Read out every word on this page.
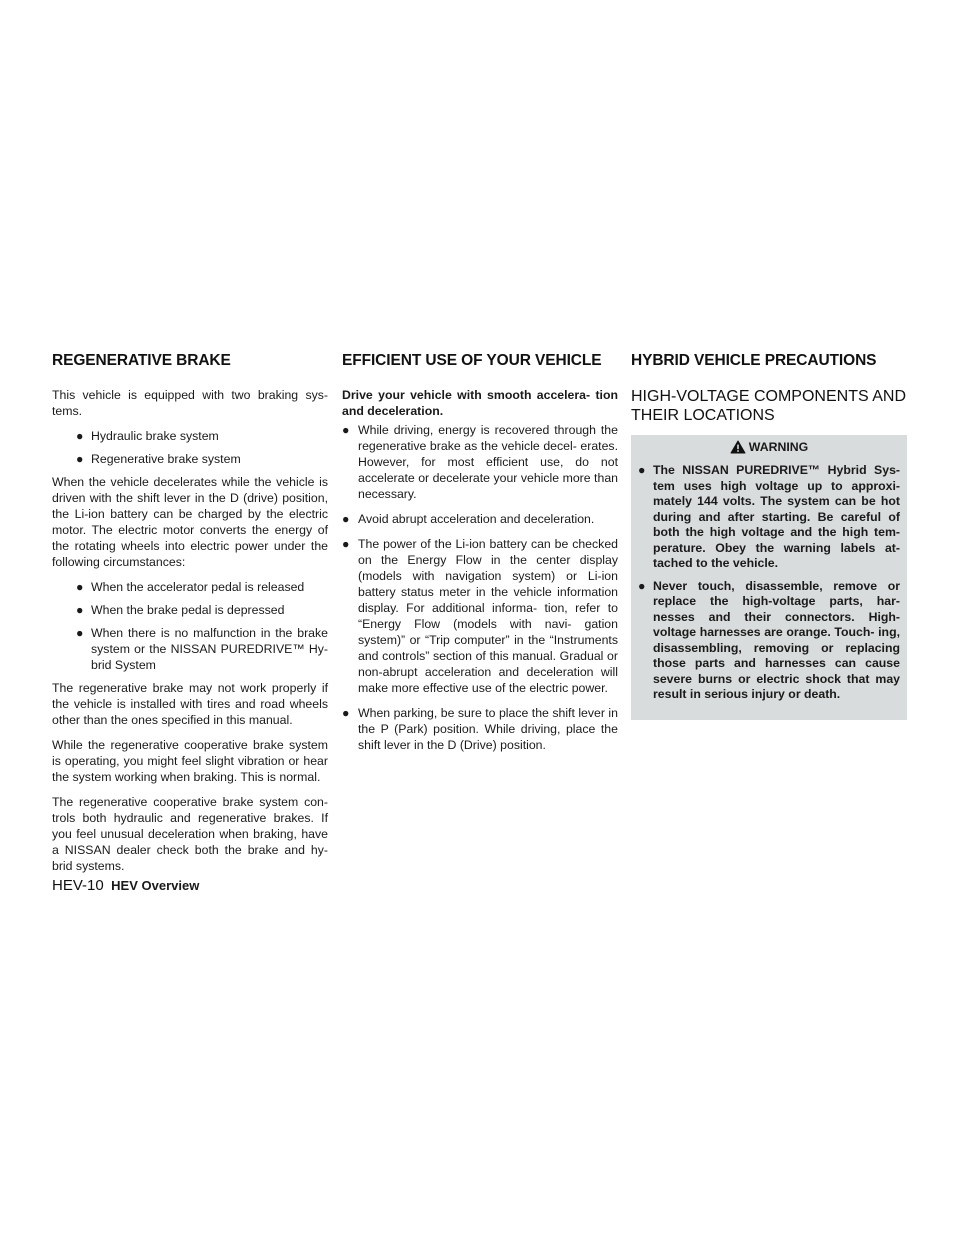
REGENERATIVE BRAKE

This vehicle is equipped with two braking sys- tems.

● Hydraulic brake system
● Regenerative brake system

When the vehicle decelerates while the vehicle is driven with the shift lever in the D (drive) position, the Li-ion battery can be charged by the electric motor. The electric motor converts the energy of the rotating wheels into electric power under the following circumstances:

● When the accelerator pedal is released
● When the brake pedal is depressed
● When there is no malfunction in the brake system or the NISSAN PUREDRIVE™ Hy- brid System

The regenerative brake may not work properly if the vehicle is installed with tires and road wheels other than the ones specified in this manual.

While the regenerative cooperative brake system is operating, you might feel slight vibration or hear the system working when braking. This is normal.

The regenerative cooperative brake system con- trols both hydraulic and regenerative brakes. If you feel unusual deceleration when braking, have a NISSAN dealer check both the brake and hy- brid systems.

EFFICIENT USE OF YOUR VEHICLE

Drive your vehicle with smooth accelera- tion and deceleration.

● While driving, energy is recovered through the regenerative brake as the vehicle decel- erates. However, for most efficient use, do not accelerate or decelerate your vehicle more than necessary.
● Avoid abrupt acceleration and deceleration.
● The power of the Li-ion battery can be checked on the Energy Flow in the center display (models with navigation system) or Li-ion battery status meter in the vehicle information display. For additional informa- tion, refer to “Energy Flow (models with navi- gation system)” or “Trip computer” in the “Instruments and controls” section of this manual. Gradual or non-abrupt acceleration and deceleration will make more effective use of the electric power.
● When parking, be sure to place the shift lever in the P (Park) position. While driving, place the shift lever in the D (Drive) position.
HYBRID VEHICLE PRECAUTIONS
HIGH-VOLTAGE COMPONENTS AND THEIR LOCATIONS
WARNING
● The NISSAN PUREDRIVE™ Hybrid Sys- tem uses high voltage up to approxi- mately 144 volts. The system can be hot during and after starting. Be careful of both the high voltage and the high tem- perature. Obey the warning labels at- tached to the vehicle.
● Never touch, disassemble, remove or replace the high-voltage parts, har- nesses and their connectors. High- voltage harnesses are orange. Touch- ing, disassembling, removing or replacing those parts and harnesses can cause severe burns or electric shock that may result in serious injury or death.
HEV-10 HEV Overview
